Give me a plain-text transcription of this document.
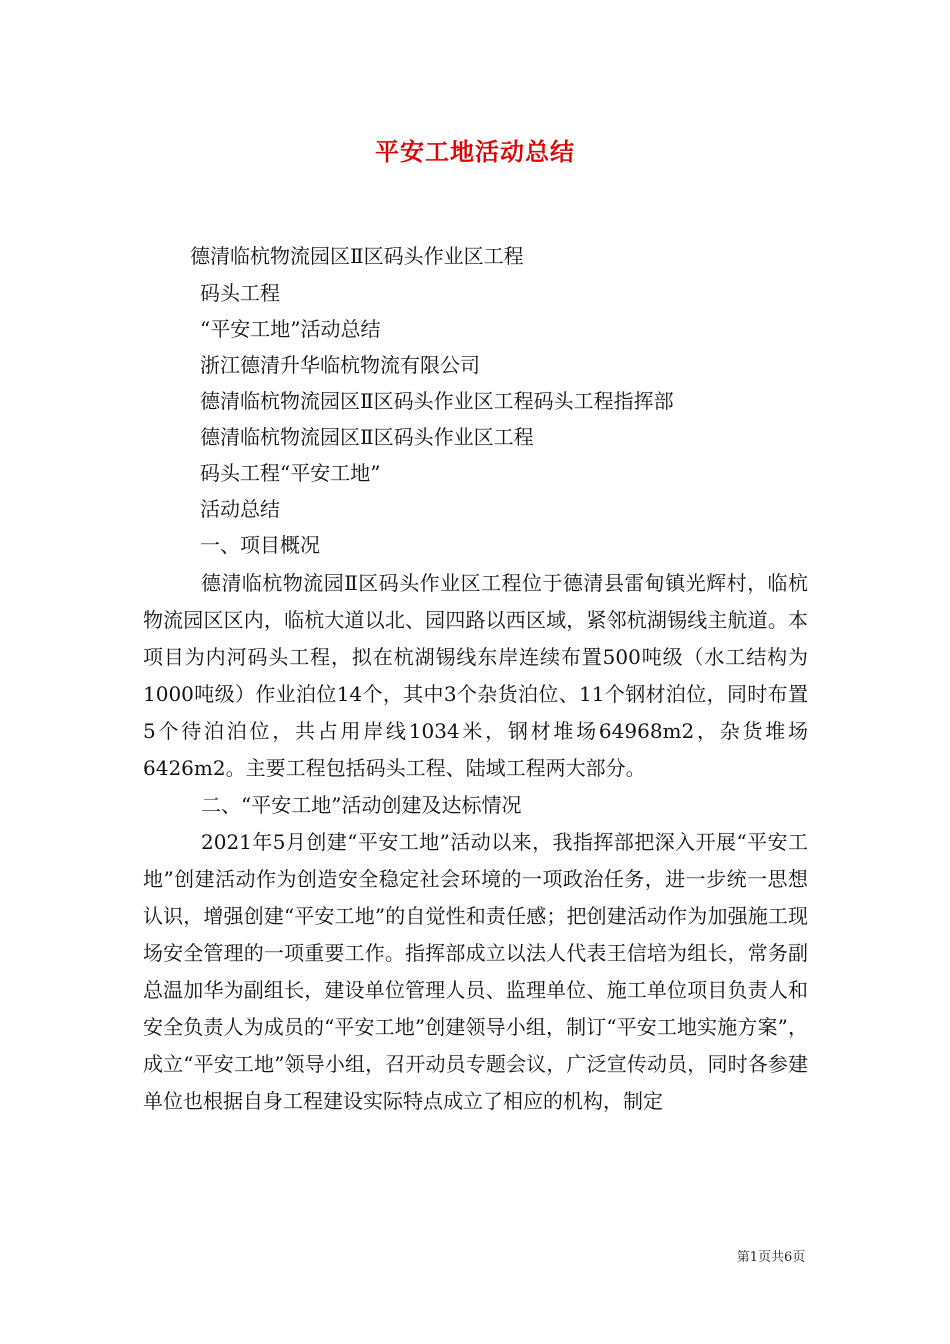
平安工地活动总结
德清临杭物流园区Ⅱ区码头作业区工程
码头工程
“平安工地”活动总结
浙江德清升华临杭物流有限公司
德清临杭物流园区Ⅱ区码头作业区工程码头工程指挥部
德清临杭物流园区Ⅱ区码头作业区工程
码头工程“平安工地”
活动总结
一、项目概况

德清临杭物流园Ⅱ区码头作业区工程位于德清县雷甸镇光辉村，临杭物流园区区内，临杭大道以北、园四路以西区域，紧邻杭湖锡线主航道。本项目为内河码头工程，拟在杭湖锡线东岸连续布置500吨级（水工结构为1000吨级）作业泊位14个，其中3个杂货泊位、11个钢材泊位，同时布置5个待泊泊位，共占用岸线1034米，钢材堆场64968m2，杂货堆场6426m2。主要工程包括码头工程、陆域工程两大部分。

二、“平安工地”活动创建及达标情况

2021年5月创建“平安工地”活动以来，我指挥部把深入开展“平安工地”创建活动作为创造安全稳定社会环境的一项政治任务，进一步统一思想认识，增强创建“平安工地”的自觉性和责任感；把创建活动作为加强施工现场安全管理的一项重要工作。指挥部成立以法人代表王信培为组长，常务副总温加华为副组长，建设单位管理人员、监理单位、施工单位项目负责人和安全负责人为成员的“平安工地”创建领导小组，制订“平安工地实施方案”，成立“平安工地”领导小组，召开动员专题会议，广泛宣传动员，同时各参建单位也根据自身工程建设实际特点成立了相应的机构，制定

第1页共6页
